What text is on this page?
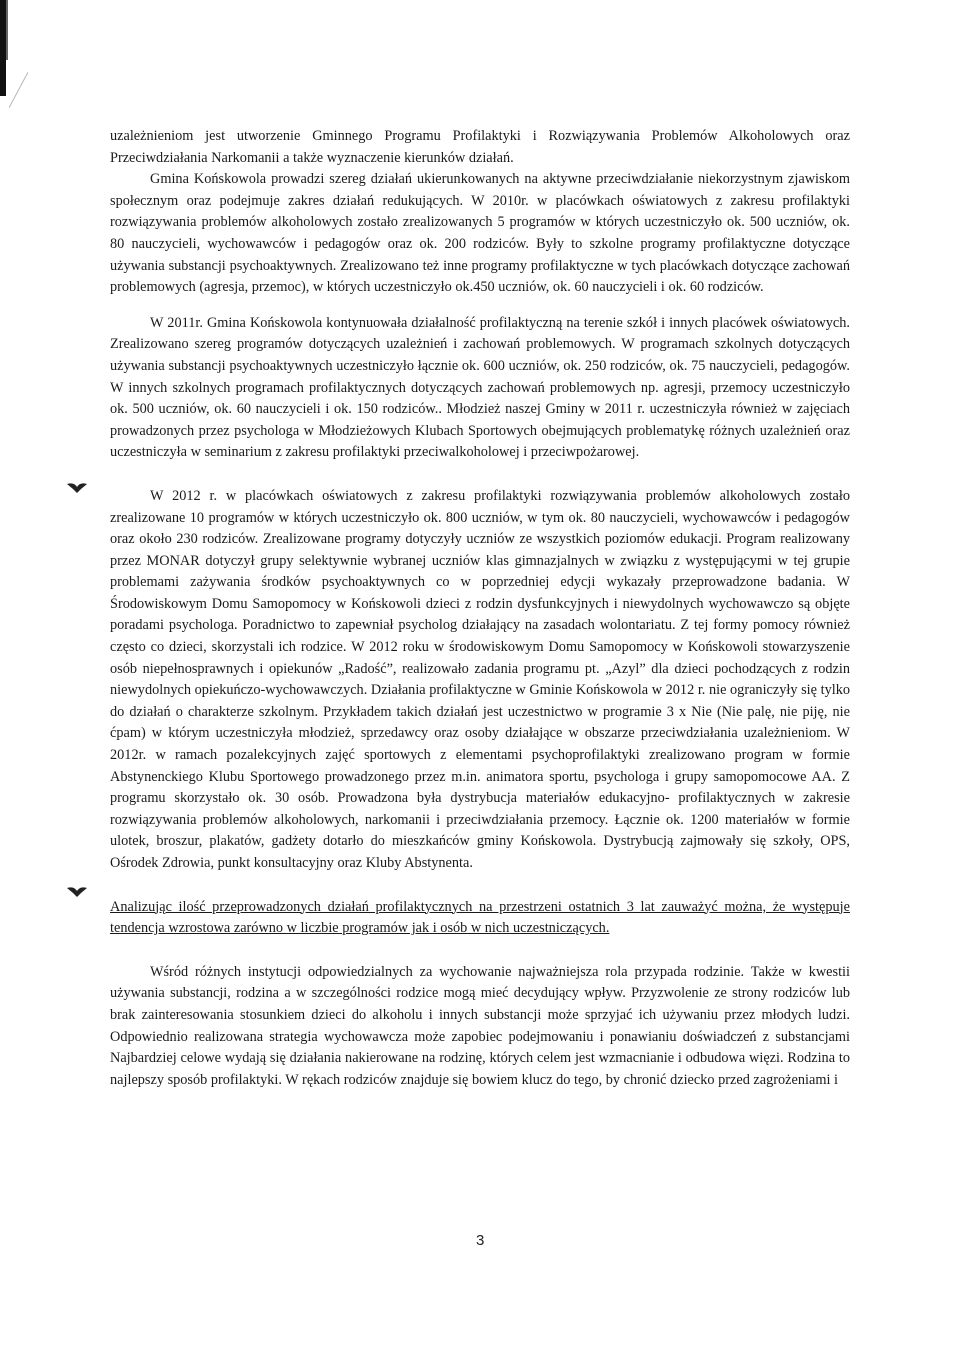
uzależnieniom jest utworzenie Gminnego Programu Profilaktyki i Rozwiązywania Problemów Alkoholowych oraz Przeciwdziałania Narkomanii a także wyznaczenie kierunków działań.

Gmina Końskowola prowadzi szereg działań ukierunkowanych na aktywne przeciwdziałanie niekorzystnym zjawiskom społecznym oraz podejmuje zakres działań redukujących. W 2010r. w placówkach oświatowych z zakresu profilaktyki rozwiązywania problemów alkoholowych zostało zrealizowanych 5 programów w których uczestniczyło ok. 500 uczniów, ok. 80 nauczycieli, wychowawców i pedagogów oraz ok. 200 rodziców. Były to szkolne programy profilaktyczne dotyczące używania substancji psychoaktywnych. Zrealizowano też inne programy profilaktyczne w tych placówkach dotyczące zachowań problemowych (agresja, przemoc), w których uczestniczyło ok.450 uczniów, ok. 60 nauczycieli i ok. 60 rodziców.

W 2011r. Gmina Końskowola kontynuowała działalność profilaktyczną na terenie szkół i innych placówek oświatowych. Zrealizowano szereg programów dotyczących uzależnień i zachowań problemowych. W programach szkolnych dotyczących używania substancji psychoaktywnych uczestniczyło łącznie ok. 600 uczniów, ok. 250 rodziców, ok. 75 nauczycieli, pedagogów. W innych szkolnych programach profilaktycznych dotyczących zachowań problemowych np. agresji, przemocy uczestniczyło ok. 500 uczniów, ok. 60 nauczycieli i ok. 150 rodziców.. Młodzież naszej Gminy w 2011 r. uczestniczyła również w zajęciach prowadzonych przez psychologa w Młodzieżowych Klubach Sportowych obejmujących problematykę różnych uzależnień oraz uczestniczyła w seminarium z zakresu profilaktyki przeciwalkoholowej i przeciwpożarowej.

W 2012 r. w placówkach oświatowych z zakresu profilaktyki rozwiązywania problemów alkoholowych zostało zrealizowane 10 programów w których uczestniczyło ok. 800 uczniów, w tym ok. 80 nauczycieli, wychowawców i pedagogów oraz około 230 rodziców. Zrealizowane programy dotyczyły uczniów ze wszystkich poziomów edukacji. Program realizowany przez MONAR dotyczył grupy selektywnie wybranej uczniów klas gimnazjalnych w związku z występującymi w tej grupie problemami zażywania środków psychoaktywnych co w poprzedniej edycji wykazały przeprowadzone badania. W Środowiskowym Domu Samopomocy w Końskowoli dzieci z rodzin dysfunkcyjnych i niewydolnych wychowawczo są objęte poradami psychologa. Poradnictwo to zapewniał psycholog działający na zasadach wolontariatu. Z tej formy pomocy również często co dzieci, skorzystali ich rodzice. W 2012 roku w środowiskowym Domu Samopomocy w Końskowoli stowarzyszenie osób niepełnosprawnych i opiekunów „Radość”, realizowało zadania programu pt. „Azyl” dla dzieci pochodzących z rodzin niewydolnych opiekuńczo-wychowawczych. Działania profilaktyczne w Gminie Końskowola w 2012 r. nie ograniczyły się tylko do działań o charakterze szkolnym. Przykładem takich działań jest uczestnictwo w programie 3 x Nie (Nie palę, nie piję, nie ćpam) w którym uczestniczyła młodzież, sprzedawcy oraz osoby działające w obszarze przeciwdziałania uzależnieniom. W 2012r. w ramach pozalekcyjnych zajęć sportowych z elementami psychoprofilaktyki zrealizowano program w formie Abstynenckiego Klubu Sportowego prowadzonego przez m.in. animatora sportu, psychologa i grupy samopomocowe AA. Z programu skorzystało ok. 30 osób. Prowadzona była dystrybucja materiałów edukacyjno- profilaktycznych w zakresie rozwiązywania problemów alkoholowych, narkomanii i przeciwdziałania przemocy. Łącznie ok. 1200 materiałów w formie ulotek, broszur, plakatów, gadżety dotarło do mieszkańców gminy Końskowola. Dystrybucją zajmowały się szkoły, OPS, Ośrodek Zdrowia, punkt konsultacyjny oraz Kluby Abstynenta.

Analizując ilość przeprowadzonych działań profilaktycznych na przestrzeni ostatnich 3 lat zauważyć można, że występuje tendencja wzrostowa zarówno w liczbie programów jak i osób w nich uczestniczących.

Wśród różnych instytucji odpowiedzialnych za wychowanie najważniejsza rola przypada rodzinie. Także w kwestii używania substancji, rodzina a w szczególności rodzice mogą mieć decydujący wpływ. Przyzwolenie ze strony rodziców lub brak zainteresowania stosunkiem dzieci do alkoholu i innych substancji może sprzyjać ich używaniu przez młodych ludzi. Odpowiednio realizowana strategia wychowawcza może zapobiec podejmowaniu i ponawianiu doświadczeń z substancjami Najbardziej celowe wydają się działania nakierowane na rodzinę, których celem jest wzmacnianie i odbudowa więzi. Rodzina to najlepszy sposób profilaktyki. W rękach rodziców znajduje się bowiem klucz do tego, by chronić dziecko przed zagrożeniami i

3
